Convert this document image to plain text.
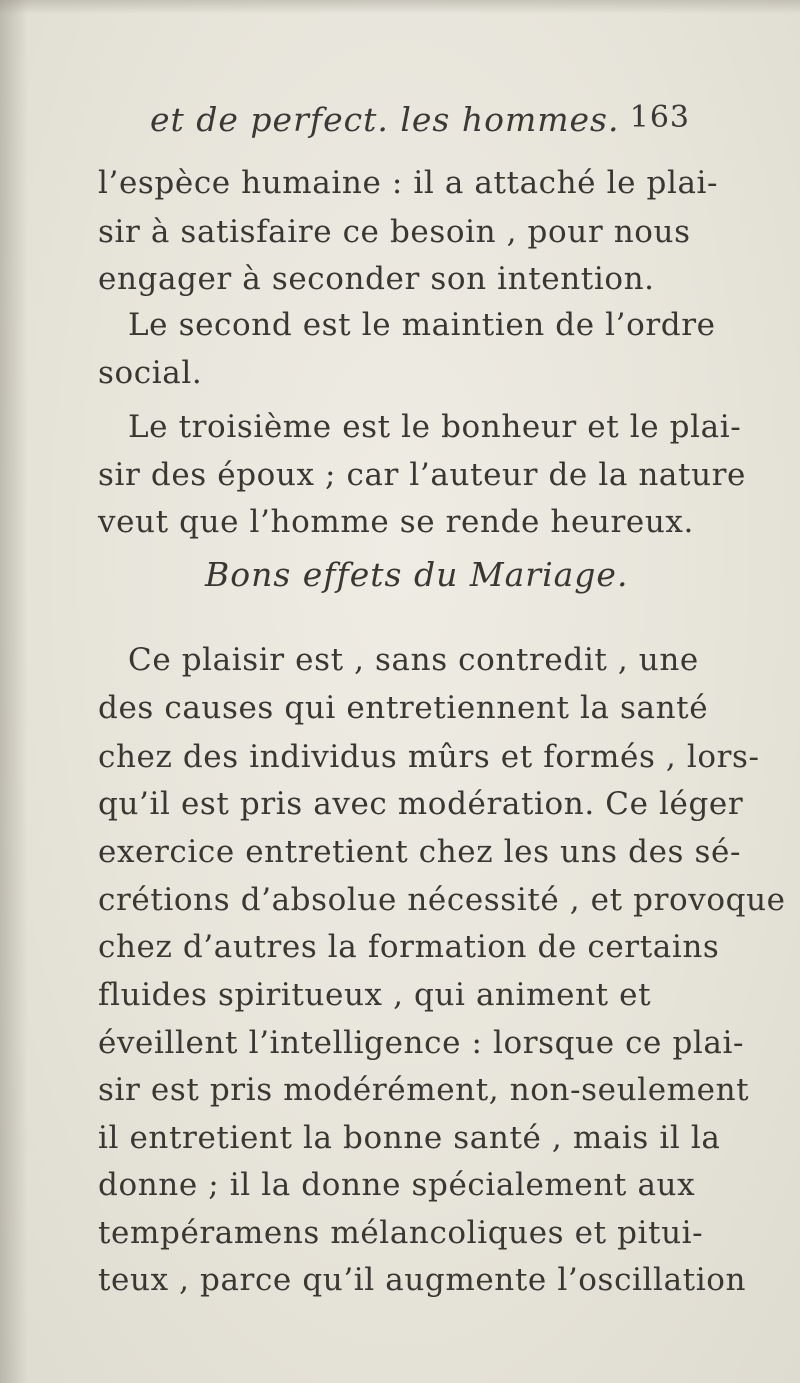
et de perfect. les hommes. 163
l’espèce humaine : il a attaché le plai-
sir à satisfaire ce besoin , pour nous
engager à seconder son intention.
Le second est le maintien de l’ordre
social.
Le troisième est le bonheur et le plai-
sir des époux ; car l’auteur de la nature
veut que l’homme se rende heureux.
Bons effets du Mariage.
Ce plaisir est , sans contredit , une
des causes qui entretiennent la santé
chez des individus mûrs et formés , lors-
qu’il est pris avec modération. Ce léger
exercice entretient chez les uns des sé-
crétions d’absolue nécessité , et provoque
chez d’autres la formation de certains
fluides spiritueux , qui animent et
éveillent l’intelligence : lorsque ce plai-
sir est pris modérément, non-seulement
il entretient la bonne santé , mais il la
donne ; il la donne spécialement aux
tempéramens mélancoliques et pitui-
teux , parce qu’il augmente l’oscillation
